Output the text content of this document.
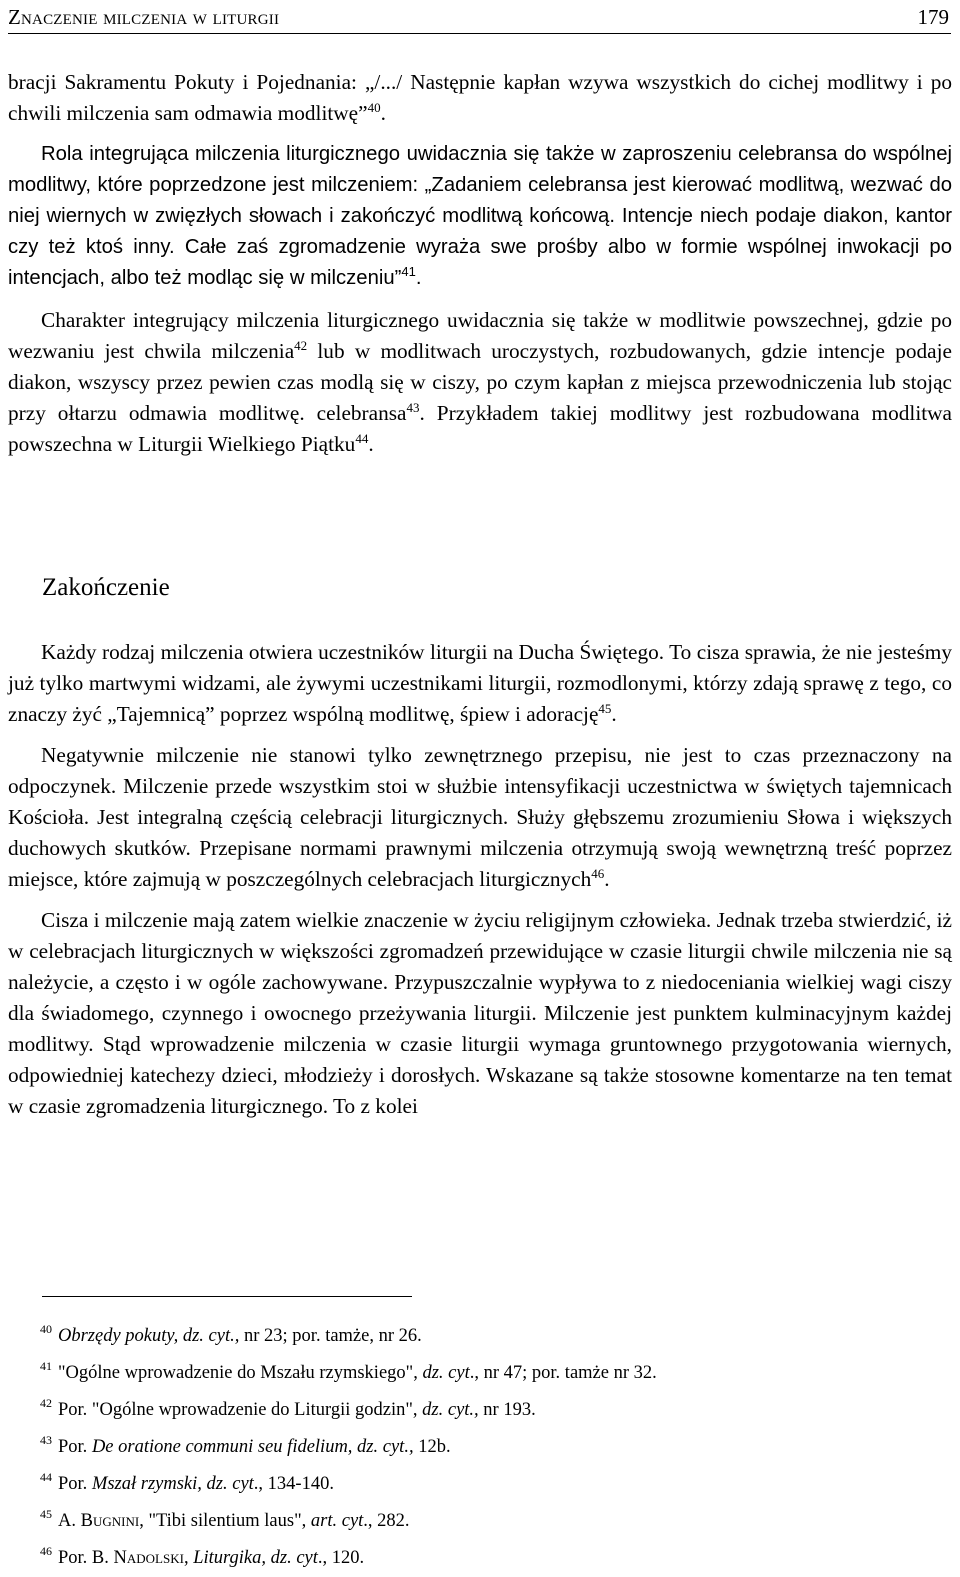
Znaczenie milczenia w liturgii	179

bracji Sakramentu Pokuty i Pojednania: „/.../ Następnie kapłan wzywa wszystkich do cichej modlitwy i po chwili milczenia sam odmawia modlitwę”$^{40}$.

Rola integrująca milczenia liturgicznego uwidacznia się także w zaproszeniu celebransa do wspólnej modlitwy, które poprzedzone jest milczeniem: „Zadaniem celebransa jest kierować modlitwą, wezwać do niej wiernych w zwięzłych słowach i zakończyć modlitwą końcową. Intencje niech podaje diakon, kantor czy też ktoś inny. Całe zaś zgromadzenie wyraża swe prośby albo w formie wspólnej inwokacji po intencjach, albo też modląc się w milczeniu”$^{41}$.

Charakter integrujący milczenia liturgicznego uwidacznia się także w modlitwie powszechnej, gdzie po wezwaniu jest chwila milczenia$^{42}$ lub w modlitwach uroczystych, rozbudowanych, gdzie intencje podaje diakon, wszyscy przez pewien czas modlą się w ciszy, po czym kapłan z miejsca przewodniczenia lub stojąc przy ołtarzu odmawia modlitwę. celebransa$^{43}$. Przykładem takiej modlitwy jest rozbudowana modlitwa powszechna w Liturgii Wielkiego Piątku$^{44}$.

Zakończenie

Każdy rodzaj milczenia otwiera uczestników liturgii na Ducha Świętego. To cisza sprawia, że nie jesteśmy już tylko martwymi widzami, ale żywymi uczestnikami liturgii, rozmodlonymi, którzy zdają sprawę z tego, co znaczy żyć „Tajemnicą” poprzez wspólną modlitwę, śpiew i adorację$^{45}$.

Negatywnie milczenie nie stanowi tylko zewnętrznego przepisu, nie jest to czas przeznaczony na odpoczynek. Milczenie przede wszystkim stoi w służbie intensyfikacji uczestnictwa w świętych tajemnicach Kościoła. Jest integralną częścią celebracji liturgicznych. Służy głębszemu zrozumieniu Słowa i większych duchowych skutków. Przepisane normami prawnymi milczenia otrzymują swoją wewnętrzną treść poprzez miejsce, które zajmują w poszczególnych celebracjach liturgicznych$^{46}$.

Cisza i milczenie mają zatem wielkie znaczenie w życiu religijnym człowieka. Jednak trzeba stwierdzić, iż w celebracjach liturgicznych w większości zgromadzeń przewidujące w czasie liturgii chwile milczenia nie są należycie, a często i w ogóle zachowywane. Przypuszczalnie wypływa to z niedoceniania wielkiej wagi ciszy dla świadomego, czynnego i owocnego przeżywania liturgii. Milczenie jest punktem kulminacyjnym każdej modlitwy. Stąd wprowadzenie milczenia w czasie liturgii wymaga gruntownego przygotowania wiernych, odpowiedniej katechezy dzieci, młodzieży i dorosłych. Wskazane są także stosowne komentarze na ten temat w czasie zgromadzenia liturgicznego. To z kolei

$^{40}$ Obrzędy pokuty, dz. cyt., nr 23; por. tamże, nr 26.
$^{41}$ "Ogólne wprowadzenie do Mszału rzymskiego", dz. cyt., nr 47; por. tamże nr 32.
$^{42}$ Por. "Ogólne wprowadzenie do Liturgii godzin", dz. cyt., nr 193.
$^{43}$ Por. De oratione communi seu fidelium, dz. cyt., 12b.
$^{44}$ Por. Mszał rzymski, dz. cyt., 134-140.
$^{45}$ A. Bugnini, "Tibi silentium laus", art. cyt., 282.
$^{46}$ Por. B. Nadolski, Liturgika, dz. cyt., 120.
